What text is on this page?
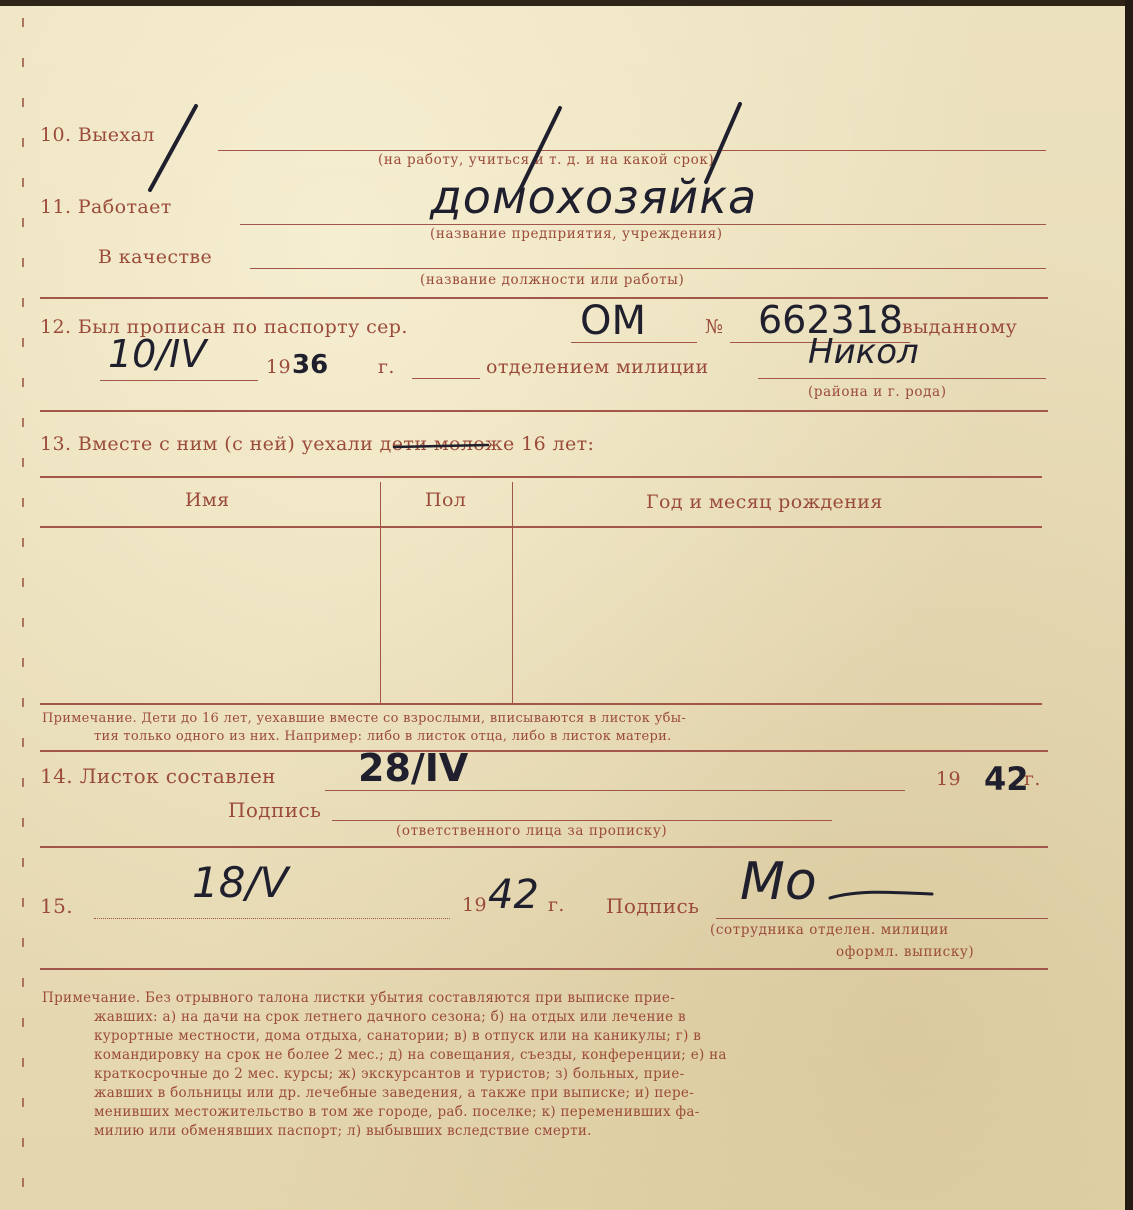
10. Выехал
(на работу, учиться и т. д. и на какой срок)
11. Работает	домохозяйка
(название предприятия, учреждения)
В качестве
(название должности или работы)
12. Был прописан по паспорту сер.	ОМ	№ 662318
выданному
10/IV	19 36	г.	отделением милиции	Никол
(района и г. рода)
13. Вместе с ним (с ней) уехали дети моложе 16 лет:
Имя	Пол	Год и месяц рождения
Примечание. Дети до 16 лет, уехавшие вместе со взрослыми, вписываются в листок убы-
тия только одного из них. Например: либо в листок отца, либо в листок матери.
14. Листок составлен 28/IV	19 42
г.
Подпись
(ответственного лица за прописку)
15.	18/V	19 42 г. Подпись Мо
(сотрудника отделен. милиции
оформл. выписку)
Примечание. Без отрывного талона листки убытия составляются при выписке прие-
жавших: а) на дачи на срок летнего дачного сезона; б) на отдых или лечение в
курортные местности, дома отдыха, санатории; в) в отпуск или на каникулы; г) в
командировку на срок не более 2 мес.; д) на совещания, съезды, конференции; е) на
краткосрочные до 2 мес. курсы; ж) экскурсантов и туристов; з) больных, прие-
жавших в больницы или др. лечебные заведения, а также при выписке; и) пере-
менивших местожительство в том же городе, раб. поселке; к) переменивших фа-
милию или обменявших паспорт; л) выбывших вследствие смерти.
